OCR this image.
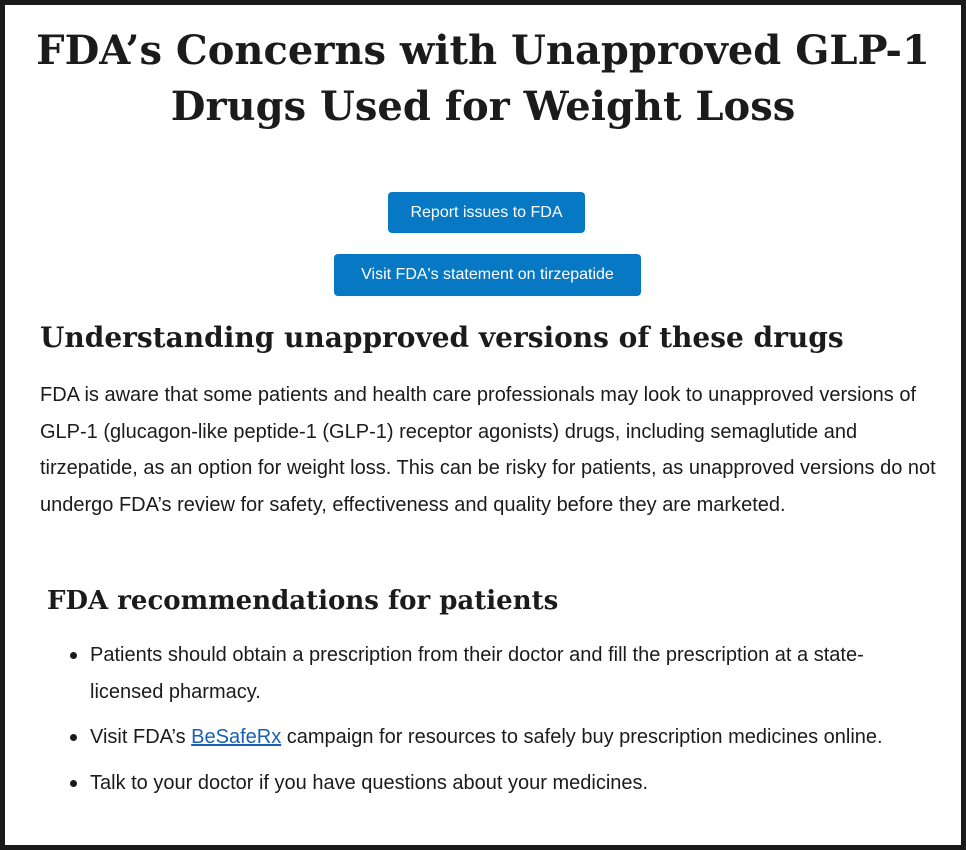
FDA’s Concerns with Unapproved GLP-1 Drugs Used for Weight Loss
Report issues to FDA
Visit FDA's statement on tirzepatide
Understanding unapproved versions of these drugs

FDA is aware that some patients and health care professionals may look to unapproved versions of GLP-1 (glucagon-like peptide-1 (GLP-1) receptor agonists) drugs, including semaglutide and tirzepatide, as an option for weight loss. This can be risky for patients, as unapproved versions do not undergo FDA’s review for safety, effectiveness and quality before they are marketed.

FDA recommendations for patients
Patients should obtain a prescription from their doctor and fill the prescription at a state-licensed pharmacy.
Visit FDA’s BeSafeRx campaign for resources to safely buy prescription medicines online.
Talk to your doctor if you have questions about your medicines.
